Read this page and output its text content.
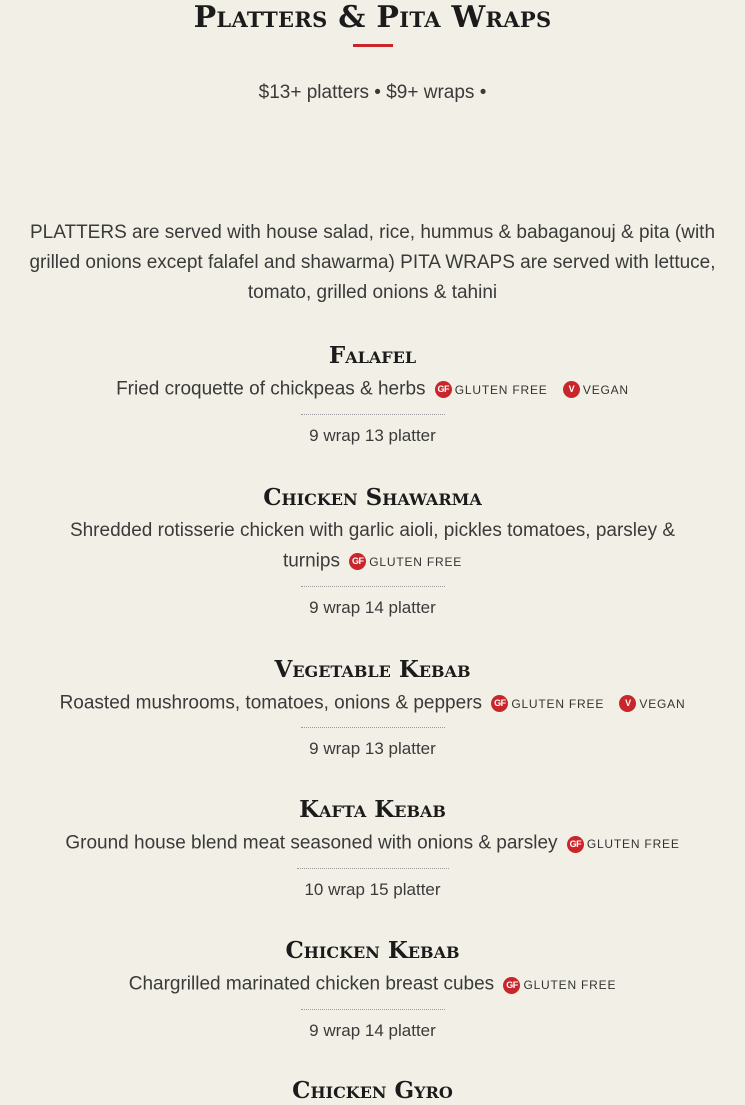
Platters & Pita Wraps
$13+ platters • $9+ wraps •
PLATTERS are served with house salad, rice, hummus & babaganouj & pita (with grilled onions except falafel and shawarma) PITA WRAPS are served with lettuce, tomato, grilled onions & tahini
Falafel
Fried croquette of chickpeas & herbs GF GLUTEN FREE V VEGAN
9 wrap 13 platter
Chicken Shawarma
Shredded rotisserie chicken with garlic aioli, pickles tomatoes, parsley & turnips GF GLUTEN FREE
9 wrap 14 platter
Vegetable Kebab
Roasted mushrooms, tomatoes, onions & peppers GF GLUTEN FREE V VEGAN
9 wrap 13 platter
Kafta Kebab
Ground house blend meat seasoned with onions & parsley GF GLUTEN FREE
10 wrap 15 platter
Chicken Kebab
Chargrilled marinated chicken breast cubes GF GLUTEN FREE
9 wrap 14 platter
Chicken Gyro
